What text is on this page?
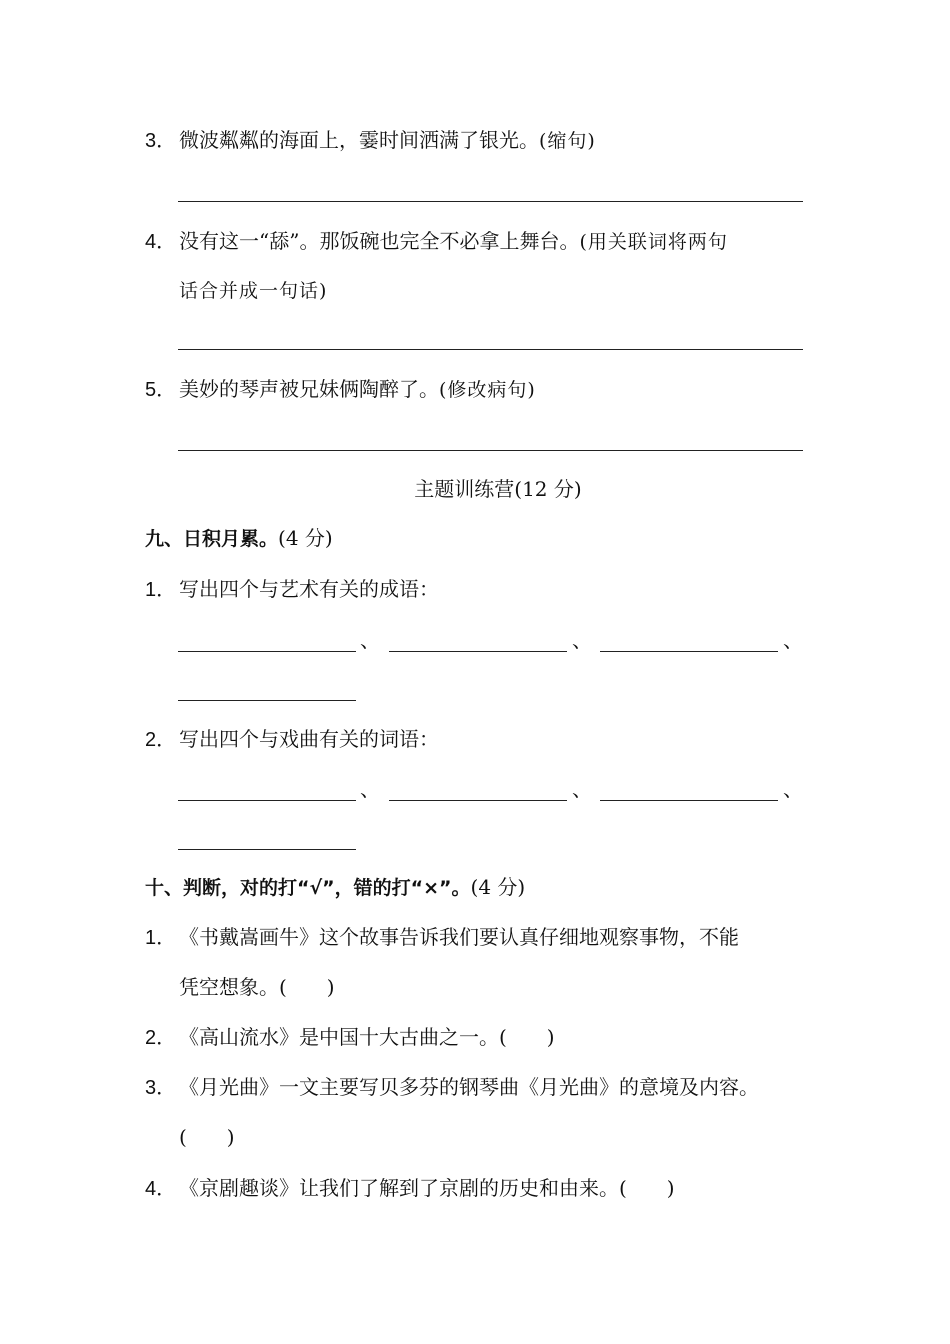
3． 微波粼粼的海面上，霎时间洒满了银光。(缩句)
4． 没有这一“舔”。那饭碗也完全不必拿上舞台。(用关联词将两句
话合并成一句话)
5． 美妙的琴声被兄妹俩陶醉了。(修改病句)
主题训练营(12 分)
九、日积月累。(4 分)
1． 写出四个与艺术有关的成语：
、	、	、
2． 写出四个与戏曲有关的词语：
、	、	、
十、判断，对的打“√”，错的打“×”。(4 分)
1． 《书戴嵩画牛》这个故事告诉我们要认真仔细地观察事物，不能
凭空想象。(　　)
2． 《高山流水》是中国十大古曲之一。(　　)
3． 《月光曲》一文主要写贝多芬的钢琴曲《月光曲》的意境及内容。
(　　)
4． 《京剧趣谈》让我们了解到了京剧的历史和由来。(　　)
